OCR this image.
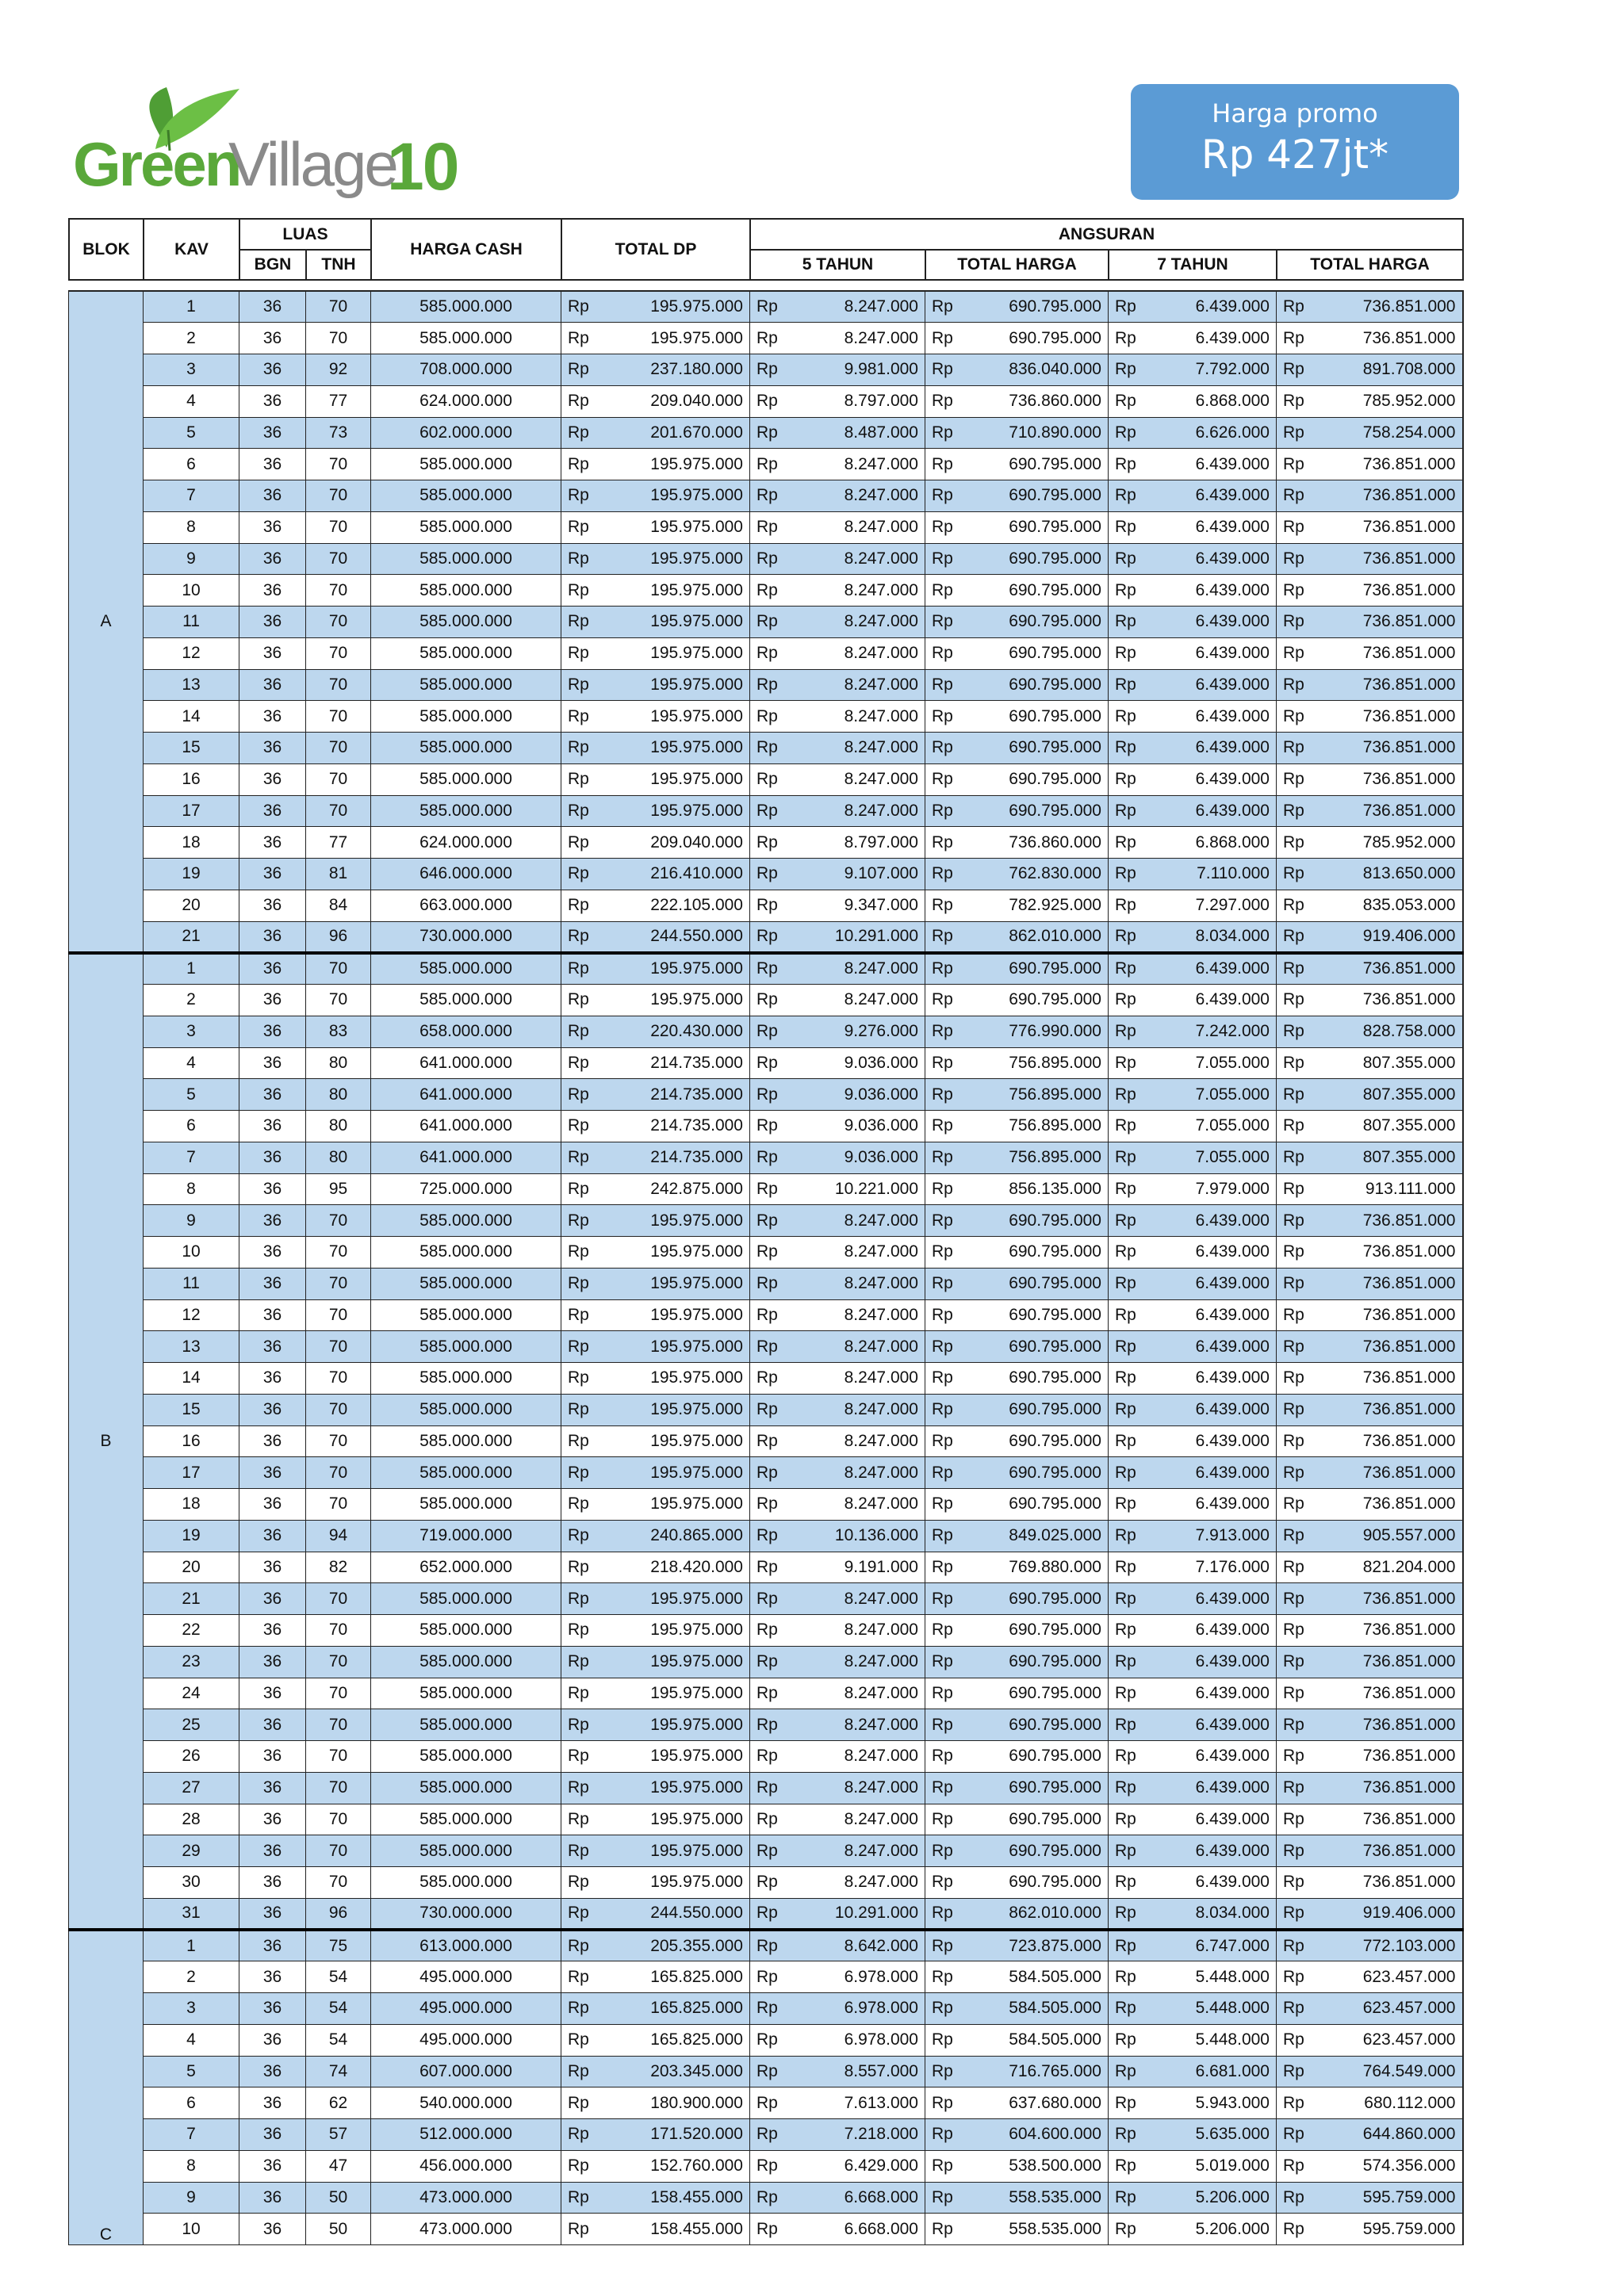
Green
Village
10
Harga promo
Rp 427jt*
BLOK	KAV	LUAS		HARGA CASH	TOTAL DP	ANGSURAN			
		BGN	TNH			5 TAHUN	TOTAL HARGA	7 TAHUN	TOTAL HARGA
A	1	36	70	585.000.000	Rp	195.975.000	Rp	8.247.000	Rp	690.795.000	Rp	6.439.000	Rp	736.851.000
	2	36	70	585.000.000	Rp	195.975.000	Rp	8.247.000	Rp	690.795.000	Rp	6.439.000	Rp	736.851.000
	3	36	92	708.000.000	Rp	237.180.000	Rp	9.981.000	Rp	836.040.000	Rp	7.792.000	Rp	891.708.000
	4	36	77	624.000.000	Rp	209.040.000	Rp	8.797.000	Rp	736.860.000	Rp	6.868.000	Rp	785.952.000
	5	36	73	602.000.000	Rp	201.670.000	Rp	8.487.000	Rp	710.890.000	Rp	6.626.000	Rp	758.254.000
	6	36	70	585.000.000	Rp	195.975.000	Rp	8.247.000	Rp	690.795.000	Rp	6.439.000	Rp	736.851.000
	7	36	70	585.000.000	Rp	195.975.000	Rp	8.247.000	Rp	690.795.000	Rp	6.439.000	Rp	736.851.000
	8	36	70	585.000.000	Rp	195.975.000	Rp	8.247.000	Rp	690.795.000	Rp	6.439.000	Rp	736.851.000
	9	36	70	585.000.000	Rp	195.975.000	Rp	8.247.000	Rp	690.795.000	Rp	6.439.000	Rp	736.851.000
	10	36	70	585.000.000	Rp	195.975.000	Rp	8.247.000	Rp	690.795.000	Rp	6.439.000	Rp	736.851.000
	11	36	70	585.000.000	Rp	195.975.000	Rp	8.247.000	Rp	690.795.000	Rp	6.439.000	Rp	736.851.000
	12	36	70	585.000.000	Rp	195.975.000	Rp	8.247.000	Rp	690.795.000	Rp	6.439.000	Rp	736.851.000
	13	36	70	585.000.000	Rp	195.975.000	Rp	8.247.000	Rp	690.795.000	Rp	6.439.000	Rp	736.851.000
	14	36	70	585.000.000	Rp	195.975.000	Rp	8.247.000	Rp	690.795.000	Rp	6.439.000	Rp	736.851.000
	15	36	70	585.000.000	Rp	195.975.000	Rp	8.247.000	Rp	690.795.000	Rp	6.439.000	Rp	736.851.000
	16	36	70	585.000.000	Rp	195.975.000	Rp	8.247.000	Rp	690.795.000	Rp	6.439.000	Rp	736.851.000
	17	36	70	585.000.000	Rp	195.975.000	Rp	8.247.000	Rp	690.795.000	Rp	6.439.000	Rp	736.851.000
	18	36	77	624.000.000	Rp	209.040.000	Rp	8.797.000	Rp	736.860.000	Rp	6.868.000	Rp	785.952.000
	19	36	81	646.000.000	Rp	216.410.000	Rp	9.107.000	Rp	762.830.000	Rp	7.110.000	Rp	813.650.000
	20	36	84	663.000.000	Rp	222.105.000	Rp	9.347.000	Rp	782.925.000	Rp	7.297.000	Rp	835.053.000
	21	36	96	730.000.000	Rp	244.550.000	Rp	10.291.000	Rp	862.010.000	Rp	8.034.000	Rp	919.406.000
B	1	36	70	585.000.000	Rp	195.975.000	Rp	8.247.000	Rp	690.795.000	Rp	6.439.000	Rp	736.851.000
	2	36	70	585.000.000	Rp	195.975.000	Rp	8.247.000	Rp	690.795.000	Rp	6.439.000	Rp	736.851.000
	3	36	83	658.000.000	Rp	220.430.000	Rp	9.276.000	Rp	776.990.000	Rp	7.242.000	Rp	828.758.000
	4	36	80	641.000.000	Rp	214.735.000	Rp	9.036.000	Rp	756.895.000	Rp	7.055.000	Rp	807.355.000
	5	36	80	641.000.000	Rp	214.735.000	Rp	9.036.000	Rp	756.895.000	Rp	7.055.000	Rp	807.355.000
	6	36	80	641.000.000	Rp	214.735.000	Rp	9.036.000	Rp	756.895.000	Rp	7.055.000	Rp	807.355.000
	7	36	80	641.000.000	Rp	214.735.000	Rp	9.036.000	Rp	756.895.000	Rp	7.055.000	Rp	807.355.000
	8	36	95	725.000.000	Rp	242.875.000	Rp	10.221.000	Rp	856.135.000	Rp	7.979.000	Rp	913.111.000
	9	36	70	585.000.000	Rp	195.975.000	Rp	8.247.000	Rp	690.795.000	Rp	6.439.000	Rp	736.851.000
	10	36	70	585.000.000	Rp	195.975.000	Rp	8.247.000	Rp	690.795.000	Rp	6.439.000	Rp	736.851.000
	11	36	70	585.000.000	Rp	195.975.000	Rp	8.247.000	Rp	690.795.000	Rp	6.439.000	Rp	736.851.000
	12	36	70	585.000.000	Rp	195.975.000	Rp	8.247.000	Rp	690.795.000	Rp	6.439.000	Rp	736.851.000
	13	36	70	585.000.000	Rp	195.975.000	Rp	8.247.000	Rp	690.795.000	Rp	6.439.000	Rp	736.851.000
	14	36	70	585.000.000	Rp	195.975.000	Rp	8.247.000	Rp	690.795.000	Rp	6.439.000	Rp	736.851.000
	15	36	70	585.000.000	Rp	195.975.000	Rp	8.247.000	Rp	690.795.000	Rp	6.439.000	Rp	736.851.000
	16	36	70	585.000.000	Rp	195.975.000	Rp	8.247.000	Rp	690.795.000	Rp	6.439.000	Rp	736.851.000
	17	36	70	585.000.000	Rp	195.975.000	Rp	8.247.000	Rp	690.795.000	Rp	6.439.000	Rp	736.851.000
	18	36	70	585.000.000	Rp	195.975.000	Rp	8.247.000	Rp	690.795.000	Rp	6.439.000	Rp	736.851.000
	19	36	94	719.000.000	Rp	240.865.000	Rp	10.136.000	Rp	849.025.000	Rp	7.913.000	Rp	905.557.000
	20	36	82	652.000.000	Rp	218.420.000	Rp	9.191.000	Rp	769.880.000	Rp	7.176.000	Rp	821.204.000
	21	36	70	585.000.000	Rp	195.975.000	Rp	8.247.000	Rp	690.795.000	Rp	6.439.000	Rp	736.851.000
	22	36	70	585.000.000	Rp	195.975.000	Rp	8.247.000	Rp	690.795.000	Rp	6.439.000	Rp	736.851.000
	23	36	70	585.000.000	Rp	195.975.000	Rp	8.247.000	Rp	690.795.000	Rp	6.439.000	Rp	736.851.000
	24	36	70	585.000.000	Rp	195.975.000	Rp	8.247.000	Rp	690.795.000	Rp	6.439.000	Rp	736.851.000
	25	36	70	585.000.000	Rp	195.975.000	Rp	8.247.000	Rp	690.795.000	Rp	6.439.000	Rp	736.851.000
	26	36	70	585.000.000	Rp	195.975.000	Rp	8.247.000	Rp	690.795.000	Rp	6.439.000	Rp	736.851.000
	27	36	70	585.000.000	Rp	195.975.000	Rp	8.247.000	Rp	690.795.000	Rp	6.439.000	Rp	736.851.000
	28	36	70	585.000.000	Rp	195.975.000	Rp	8.247.000	Rp	690.795.000	Rp	6.439.000	Rp	736.851.000
	29	36	70	585.000.000	Rp	195.975.000	Rp	8.247.000	Rp	690.795.000	Rp	6.439.000	Rp	736.851.000
	30	36	70	585.000.000	Rp	195.975.000	Rp	8.247.000	Rp	690.795.000	Rp	6.439.000	Rp	736.851.000
	31	36	96	730.000.000	Rp	244.550.000	Rp	10.291.000	Rp	862.010.000	Rp	8.034.000	Rp	919.406.000
C	1	36	75	613.000.000	Rp	205.355.000	Rp	8.642.000	Rp	723.875.000	Rp	6.747.000	Rp	772.103.000
	2	36	54	495.000.000	Rp	165.825.000	Rp	6.978.000	Rp	584.505.000	Rp	5.448.000	Rp	623.457.000
	3	36	54	495.000.000	Rp	165.825.000	Rp	6.978.000	Rp	584.505.000	Rp	5.448.000	Rp	623.457.000
	4	36	54	495.000.000	Rp	165.825.000	Rp	6.978.000	Rp	584.505.000	Rp	5.448.000	Rp	623.457.000
	5	36	74	607.000.000	Rp	203.345.000	Rp	8.557.000	Rp	716.765.000	Rp	6.681.000	Rp	764.549.000
	6	36	62	540.000.000	Rp	180.900.000	Rp	7.613.000	Rp	637.680.000	Rp	5.943.000	Rp	680.112.000
	7	36	57	512.000.000	Rp	171.520.000	Rp	7.218.000	Rp	604.600.000	Rp	5.635.000	Rp	644.860.000
	8	36	47	456.000.000	Rp	152.760.000	Rp	6.429.000	Rp	538.500.000	Rp	5.019.000	Rp	574.356.000
	9	36	50	473.000.000	Rp	158.455.000	Rp	6.668.000	Rp	558.535.000	Rp	5.206.000	Rp	595.759.000
	10	36	50	473.000.000	Rp	158.455.000	Rp	6.668.000	Rp	558.535.000	Rp	5.206.000	Rp	595.759.000
